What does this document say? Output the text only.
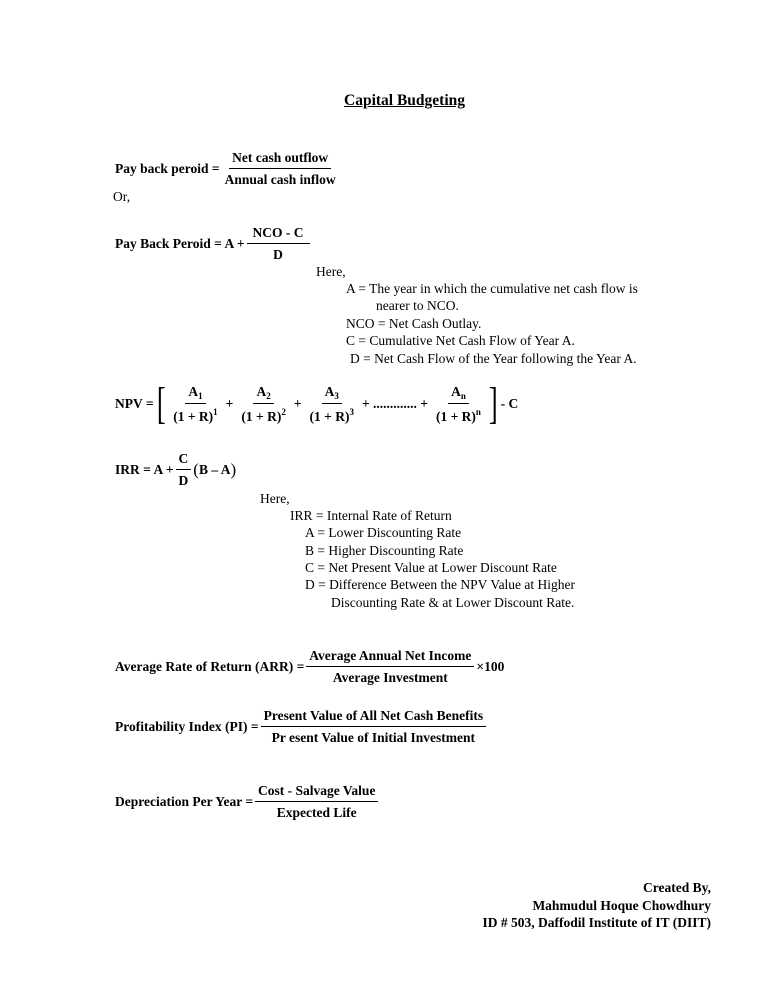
Capital Budgeting
Pay back peroid = $\frac{\text{Net cash outflow}}{\text{Annual cash inflow}}$
Or,
Pay Back Peroid = $A + \frac{\text{NCO - C}}{D}$
Here,
A = The year in which the cumulative net cash flow is
nearer to NCO.
NCO = Net Cash Outlay.
C = Cumulative Net Cash Flow of Year A.
D = Net Cash Flow of the Year following the Year A.
NPV = [ $\frac{A_1}{(1 + R)^1} + \frac{A_2}{(1 + R)^2} + \frac{A_3}{(1 + R)^3}$ + ............. + $\frac{A_n}{(1 + R)^n}$ ] - C
IRR = $A + \frac{C}{D}$ ( B – A )
Here,
IRR = Internal Rate of Return
A = Lower Discounting Rate
B = Higher Discounting Rate
C = Net Present Value at Lower Discount Rate
D = Difference Between the NPV Value at Higher
Discounting Rate & at Lower Discount Rate.
Average Rate of Return $(ARR) = \frac{\text{Average Annual Net Income}}{\text{Average Investment}} \times 100$
Profitability Index $(PI) = \frac{\text{Present Value of All Net Cash Benefits}}{\text{Pr esent Value of Initial Investment}}$
Depreciation Per Year = $\frac{\text{Cost - Salvage Value}}{\text{Expected Life}}$
Created By,
Mahmudul Hoque Chowdhury
ID # 503, Daffodil Institute of IT (DIIT)
